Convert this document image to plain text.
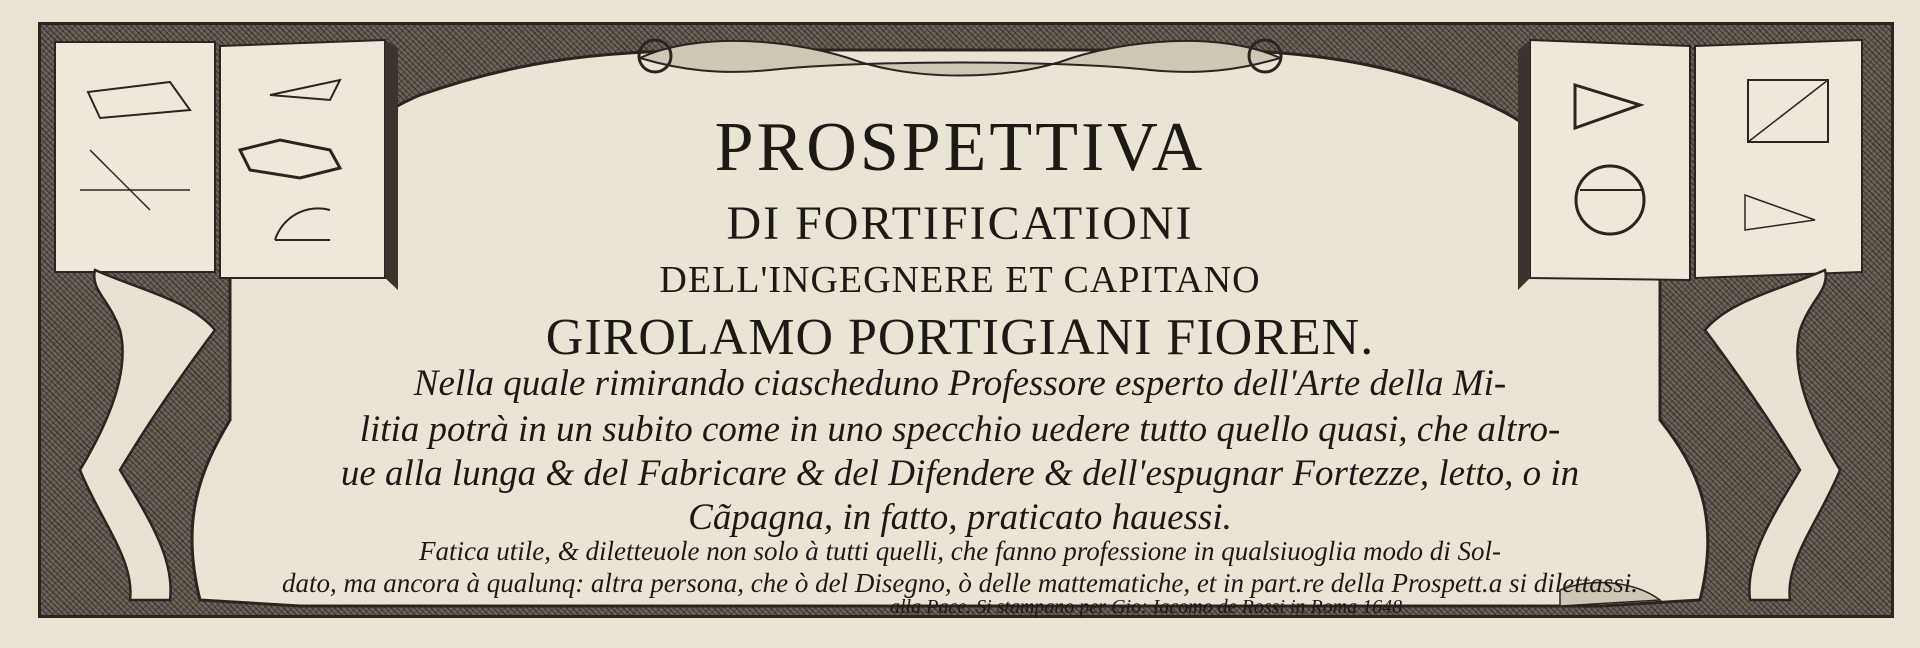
PROSPETTIVA
DI FORTIFICATIONI
DELL'INGEGNERE ET CAPITANO
GIROLAMO PORTIGIANI FIOREN.
Nella quale rimirando ciascheduno Professore esperto dell'Arte della Mi-
litia potrà in un subito come in uno specchio uedere tutto quello quasi, che altro-
ue alla lunga & del Fabricare & del Difendere & dell'espugnar Fortezze, letto, o in
Cãpagna, in fatto, praticato hauessi.
Fatica utile, & diletteuole non solo à tutti quelli, che fanno professione in qualsiuoglia modo di Sol-
dato, ma ancora à qualunq: altra persona, che ò del Disegno, ò delle mattematiche, et in part.re della Prospett.a si dilettassi.
alla Pace. Si stampano per Gio: Iacomo de Rossi in Roma 1648
